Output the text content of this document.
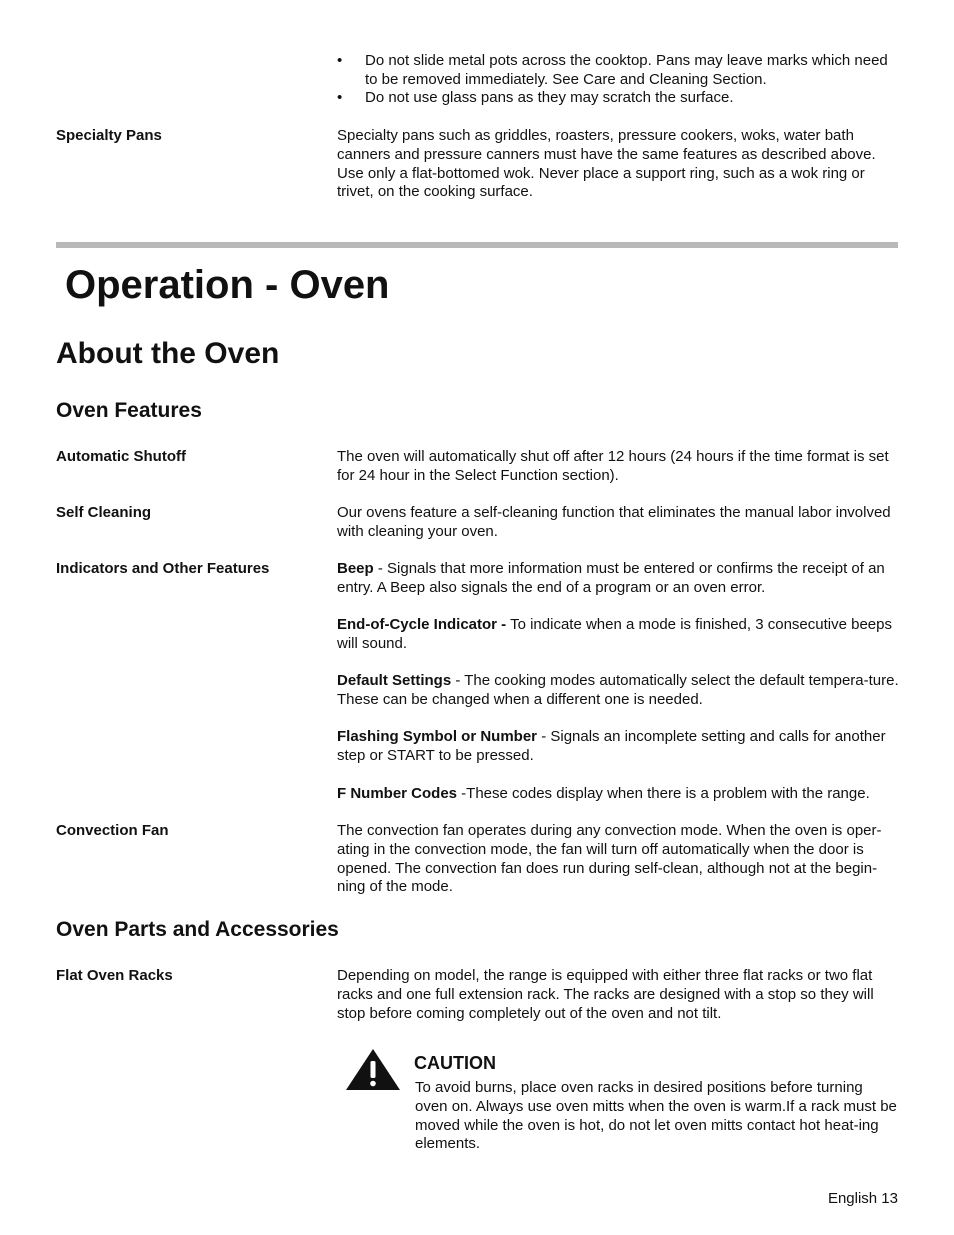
• Do not slide metal pots across the cooktop. Pans may leave marks which need to be removed immediately. See Care and Cleaning Section.
• Do not use glass pans as they may scratch the surface.
Specialty Pans	Specialty pans such as griddles, roasters, pressure cookers, woks, water bath canners and pressure canners must have the same features as described above. Use only a flat-bottomed wok. Never place a support ring, such as a wok ring or trivet, on the cooking surface.
Operation - Oven
About the Oven
Oven Features
Automatic Shutoff	The oven will automatically shut off after 12 hours (24 hours if the time format is set for 24 hour in the Select Function section).
Self Cleaning	Our ovens feature a self-cleaning function that eliminates the manual labor involved with cleaning your oven.
Indicators and Other Features	Beep - Signals that more information must be entered or confirms the receipt of an entry. A Beep also signals the end of a program or an oven error.
End-of-Cycle Indicator - To indicate when a mode is finished, 3 consecutive beeps will sound.
Default Settings - The cooking modes automatically select the default tempera-ture. These can be changed when a different one is needed.
Flashing Symbol or Number - Signals an incomplete setting and calls for another step or START to be pressed.
F Number Codes -These codes display when there is a problem with the range.
Convection Fan	The convection fan operates during any convection mode. When the oven is oper-ating in the convection mode, the fan will turn off automatically when the door is opened. The convection fan does run during self-clean, although not at the begin-ning of the mode.
Oven Parts and Accessories
Flat Oven Racks	Depending on model, the range is equipped with either three flat racks or two flat racks and one full extension rack. The racks are designed with a stop so they will stop before coming completely out of the oven and not tilt.
CAUTION
To avoid burns, place oven racks in desired positions before turning oven on. Always use oven mitts when the oven is warm.If a rack must be moved while the oven is hot, do not let oven mitts contact hot heat-ing elements.
English 13
